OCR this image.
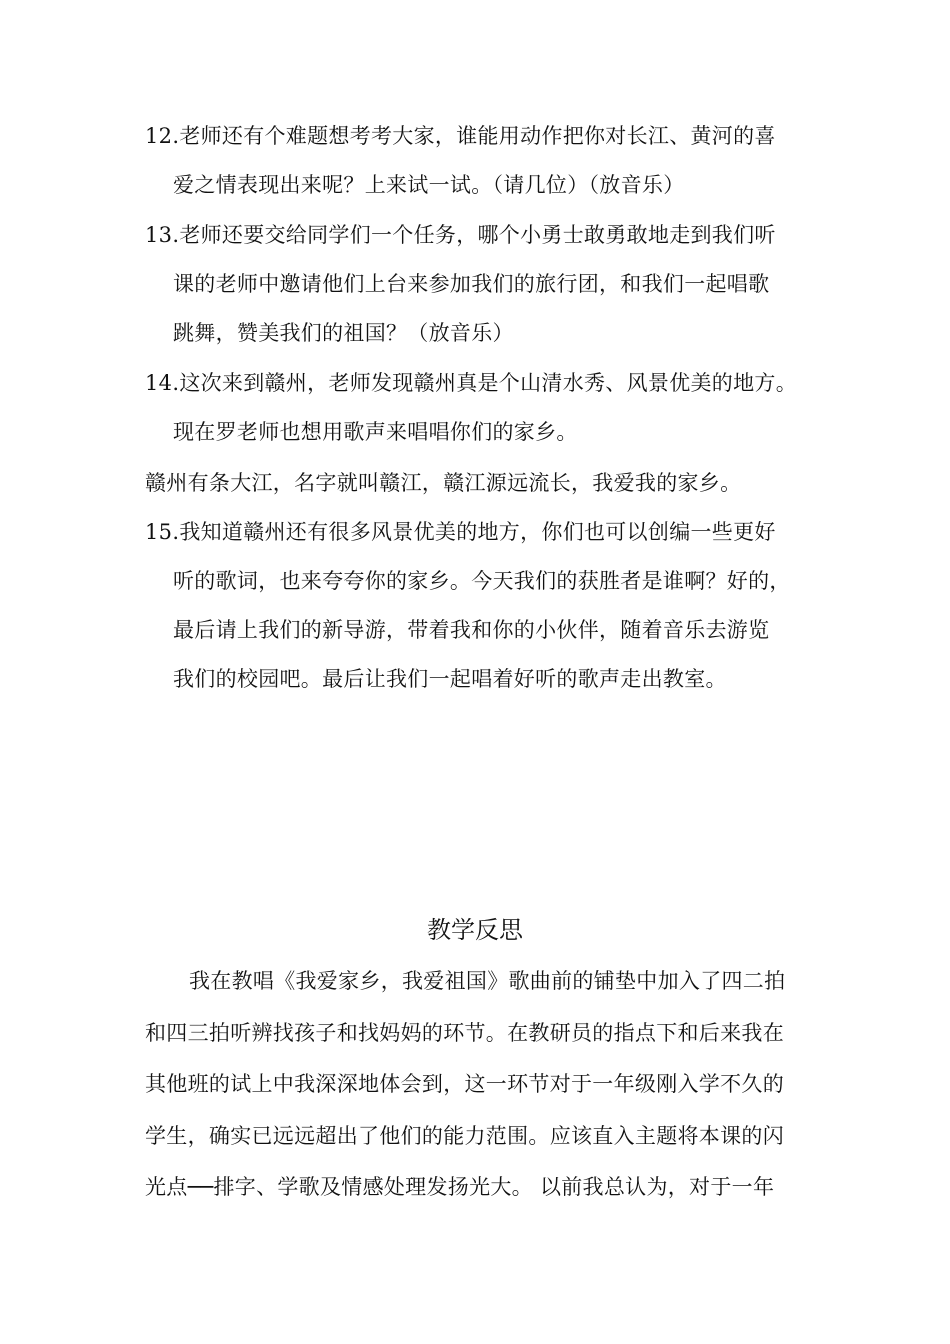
12.老师还有个难题想考考大家，谁能用动作把你对长江、黄河的喜
爱之情表现出来呢？上来试一试。（请几位）（放音乐）
13.老师还要交给同学们一个任务，哪个小勇士敢勇敢地走到我们听
课的老师中邀请他们上台来参加我们的旅行团，和我们一起唱歌
跳舞，赞美我们的祖国？（放音乐）
14.这次来到赣州，老师发现赣州真是个山清水秀、风景优美的地方。
现在罗老师也想用歌声来唱唱你们的家乡。
赣州有条大江，名字就叫赣江，赣江源远流长，我爱我的家乡。
15.我知道赣州还有很多风景优美的地方，你们也可以创编一些更好
听的歌词，也来夸夸你的家乡。今天我们的获胜者是谁啊？好的，
最后请上我们的新导游，带着我和你的小伙伴，随着音乐去游览
我们的校园吧。最后让我们一起唱着好听的歌声走出教室。
教学反思
我在教唱《我爱家乡，我爱祖国》歌曲前的铺垫中加入了四二拍
和四三拍听辨找孩子和找妈妈的环节。在教研员的指点下和后来我在
其他班的试上中我深深地体会到，这一环节对于一年级刚入学不久的
学生，确实已远远超出了他们的能力范围。应该直入主题将本课的闪
光点──排字、学歌及情感处理发扬光大。 以前我总认为，对于一年
